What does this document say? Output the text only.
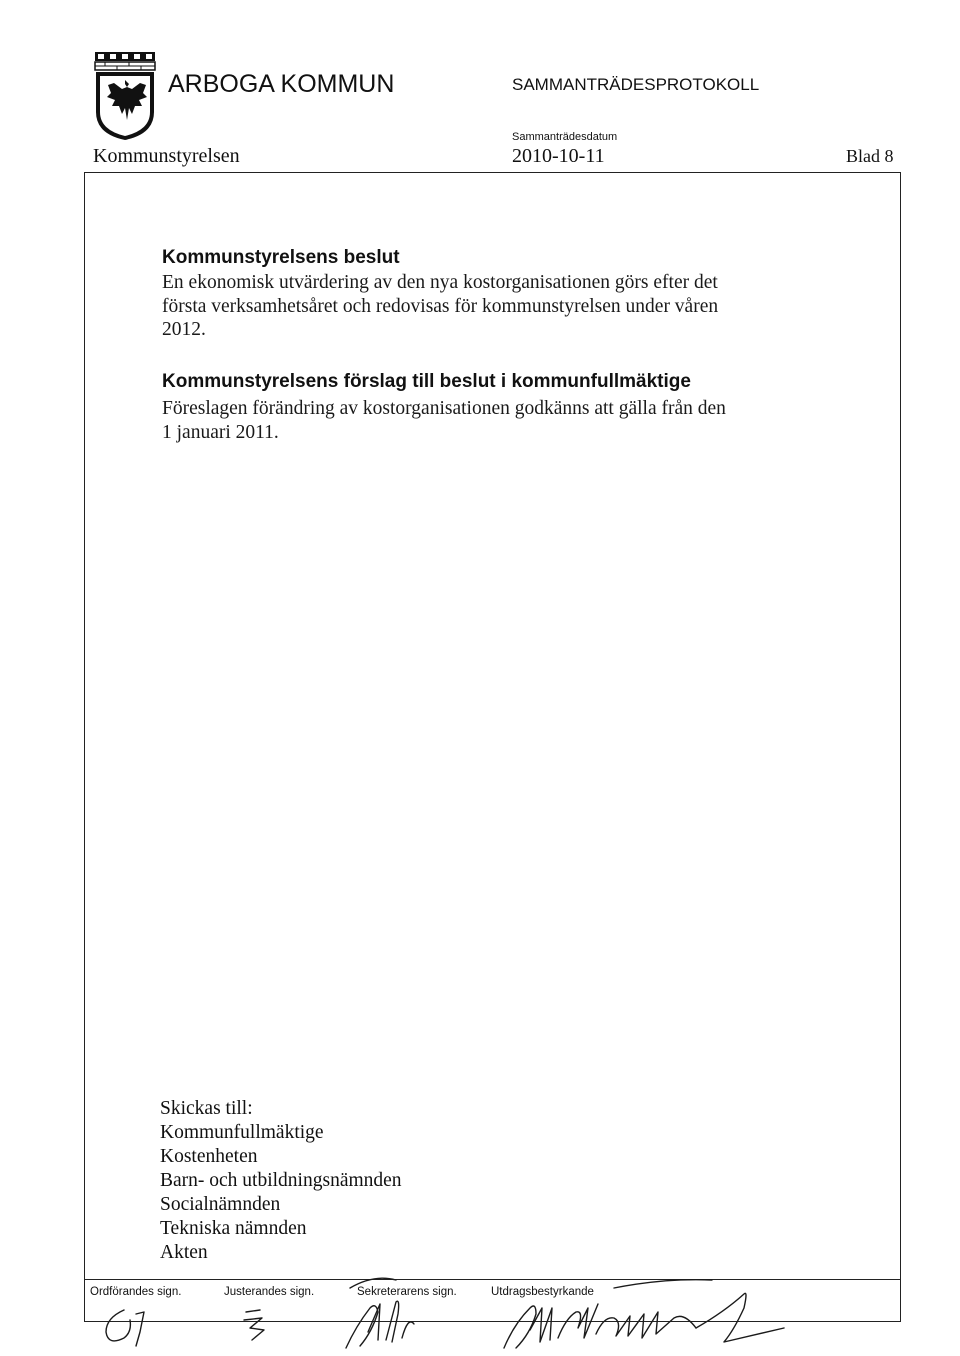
ARBOGA KOMMUN	SAMMANTRÄDESPROTOKOLL
Sammanträdesdatum
Kommunstyrelsen	2010-10-11	Blad 8
Kommunstyrelsens beslut
En ekonomisk utvärdering av den nya kostorganisationen görs efter det
första verksamhetsåret och redovisas för kommunstyrelsen under våren
2012.
Kommunstyrelsens förslag till beslut i kommunfullmäktige
Föreslagen förändring av kostorganisationen godkänns att gälla från den
1 januari 2011.
Skickas till:
Kommunfullmäktige
Kostenheten
Barn- och utbildningsnämnden
Socialnämnden
Tekniska nämnden
Akten
Ordförandes sign.	Justerandes sign.	Sekreterarens sign.	Utdragsbestyrkande
